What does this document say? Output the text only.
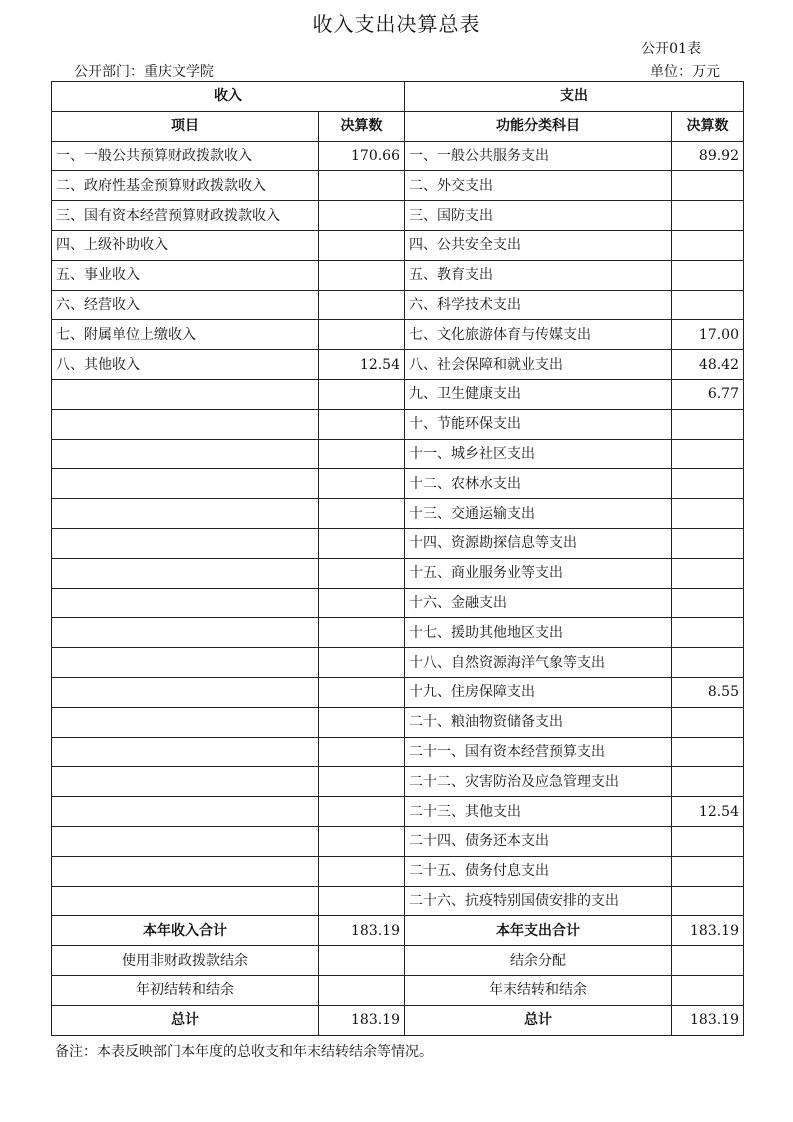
收入支出决算总表
公开01表
公开部门：重庆文学院	单位：万元
收入		支出	
项目	决算数	功能分类科目	决算数
一、一般公共预算财政拨款收入	170.66	一、一般公共服务支出	89.92
二、政府性基金预算财政拨款收入		二、外交支出	
三、国有资本经营预算财政拨款收入		三、国防支出	
四、上级补助收入		四、公共安全支出	
五、事业收入		五、教育支出	
六、经营收入		六、科学技术支出	
七、附属单位上缴收入		七、文化旅游体育与传媒支出	17.00
八、其他收入	12.54	八、社会保障和就业支出	48.42
		九、卫生健康支出	6.77
		十、节能环保支出	
		十一、城乡社区支出	
		十二、农林水支出	
		十三、交通运输支出	
		十四、资源勘探信息等支出	
		十五、商业服务业等支出	
		十六、金融支出	
		十七、援助其他地区支出	
		十八、自然资源海洋气象等支出	
		十九、住房保障支出	8.55
		二十、粮油物资储备支出	
		二十一、国有资本经营预算支出	
		二十二、灾害防治及应急管理支出	
		二十三、其他支出	12.54
		二十四、债务还本支出	
		二十五、债务付息支出	
		二十六、抗疫特别国债安排的支出	
本年收入合计	183.19	本年支出合计	183.19
使用非财政拨款结余		结余分配	
年初结转和结余		年末结转和结余	
总计	183.19	总计	183.19
备注：本表反映部门本年度的总收支和年末结转结余等情况。
